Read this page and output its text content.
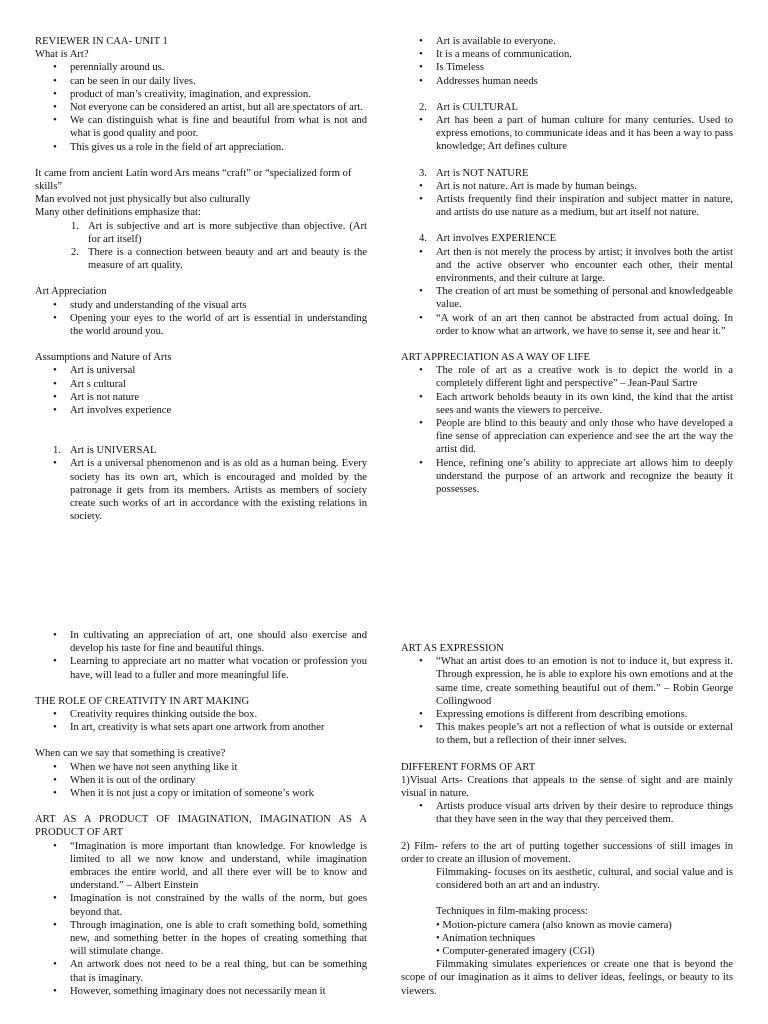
REVIEWER IN CAA- UNIT 1

What is Art?

• perennially around us.
• can be seen in our daily lives.
• product of man’s creativity, imagination, and expression.
• Not everyone can be considered an artist, but all are spectators of art.
• We can distinguish what is fine and beautiful from what is not and what is good quality and poor.
• This gives us a role in the field of art appreciation.

It came from ancient Latin word Ars means “craft” or “specialized form of skills”

Man evolved not just physically but also culturally

Many other definitions emphasize that:

1. Art is subjective and art is more subjective than objective. (Art for art itself)
2. There is a connection between beauty and art and beauty is the measure of art quality.

Art Appreciation

• study and understanding of the visual arts
• Opening your eyes to the world of art is essential in understanding the world around you.

Assumptions and Nature of Arts

• Art is universal
• Art s cultural
• Art is not nature
• Art involves experience
1. Art is UNIVERSAL
• Art is a universal phenomenon and is as old as a human being. Every society has its own art, which is encouraged and molded by the patronage it gets from its members. Artists as members of society create such works of art in accordance with the existing relations in society.
• Art is available to everyone.
• It is a means of communication.
• Is Timeless
• Addresses human needs
2. Art is CULTURAL
• Art has been a part of human culture for many centuries. Used to express emotions, to communicate ideas and it has been a way to pass knowledge; Art defines culture
3. Art is NOT NATURE
• Art is not nature. Art is made by human beings.
• Artists frequently find their inspiration and subject matter in nature, and artists do use nature as a medium, but art itself not nature.
4. Art involves EXPERIENCE
• Art then is not merely the process by artist; it involves both the artist and the active observer who encounter each other, their mental environments, and their culture at large.
• The creation of art must be something of personal and knowledgeable value.
• “A work of an art then cannot be abstracted from actual doing. In order to know what an artwork, we have to sense it, see and hear it.”

ART APPRECIATION AS A WAY OF LIFE

• The role of art as a creative work is to depict the world in a completely different light and perspective” – Jean-Paul Sartre
• Each artwork beholds beauty in its own kind, the kind that the artist sees and wants the viewers to perceive.
• People are blind to this beauty and only those who have developed a fine sense of appreciation can experience and see the art the way the artist did.
• Hence, refining one’s ability to appreciate art allows him to deeply understand the purpose of an artwork and recognize the beauty it possesses.
• In cultivating an appreciation of art, one should also exercise and develop his taste for fine and beautiful things.
• Learning to appreciate art no matter what vocation or profession you have, will lead to a fuller and more meaningful life.

THE ROLE OF CREATIVITY IN ART MAKING

• Creativity requires thinking outside the box.
• In art, creativity is what sets apart one artwork from another

When can we say that something is creative?

• When we have not seen anything like it
• When it is out of the ordinary
• When it is not just a copy or imitation of someone’s work

ART AS A PRODUCT OF IMAGINATION, IMAGINATION AS A PRODUCT OF ART

• “Imagination is more important than knowledge. For knowledge is limited to all we now know and understand, while imagination embraces the entire world, and all there ever will be to know and understand.” – Albert Einstein
• Imagination is not constrained by the walls of the norm, but goes beyond that.
• Through imagination, one is able to craft something bold, something new, and something better in the hopes of creating something that will stimulate change.
• An artwork does not need to be a real thing, but can be something that is imaginary.
• However, something imaginary does not necessarily mean it

ART AS EXPRESSION

• “What an artist does to an emotion is not to induce it, but express it. Through expression, he is able to explore his own emotions and at the same time, create something beautiful out of them.” – Robin George Collingwood
• Expressing emotions is different from describing emotions.
• This makes people’s art not a reflection of what is outside or external to them, but a reflection of their inner selves.

DIFFERENT FORMS OF ART

1)Visual Arts- Creations that appeals to the sense of sight and are mainly visual in nature.

• Artists produce visual arts driven by their desire to reproduce things that they have seen in the way that they perceived them.

2) Film- refers to the art of putting together successions of still images in order to create an illusion of movement.

Filmmaking- focuses on its aesthetic, cultural, and social value and is considered both an art and an industry.

Techniques in film-making process:

• Motion-picture camera (also known as movie camera)

• Animation techniques

• Computer-generated imagery (CGI)

Filmmaking simulates experiences or create one that is beyond the scope of our imagination as it aims to deliver ideas, feelings, or beauty to its viewers.
